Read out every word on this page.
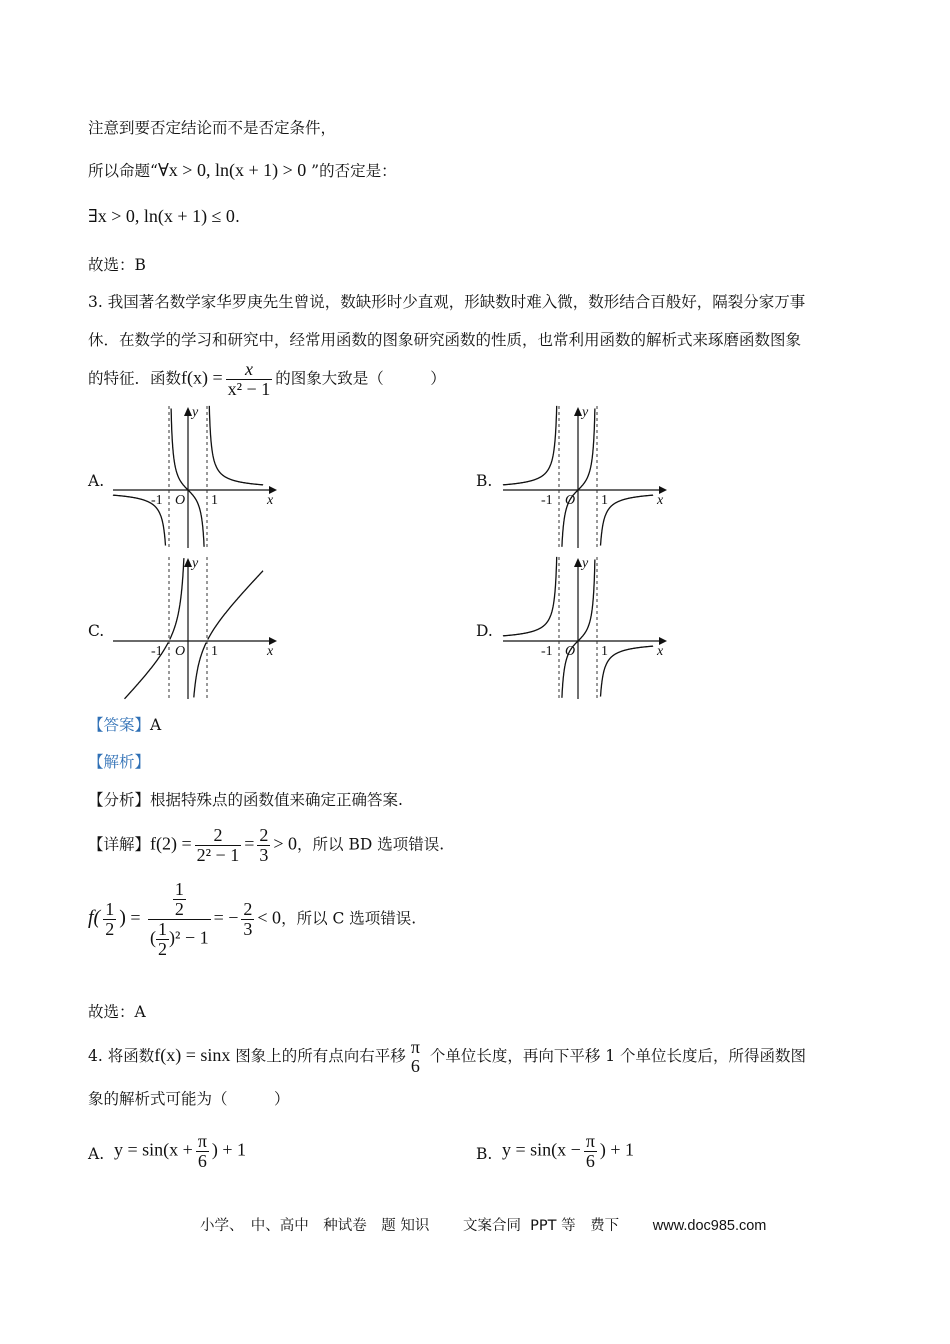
注意到要否定结论而不是否定条件，
所以命题“∀x > 0, ln(x + 1) > 0 ”的否定是：
∃x > 0, ln(x + 1) ≤ 0.
故选：B
3. 我国著名数学家华罗庚先生曾说，数缺形时少直观，形缺数时难入微，数形结合百般好，隔裂分家万事
休．在数学的学习和研究中，经常用函数的图象研究函数的性质，也常利用函数的解析式来琢磨函数图象
的特征．函数$f(x) = \frac{x}{\text{x² − 1}}$ 的图象大致是（　　　）
A.	B.
C.	D.
x
y
O
-1	1	x
y
O
-1	1
x
y
O
-1	1	x
y
O
-1	1
【答案】A
【解析】
【分析】根据特殊点的函数值来确定正确答案.
【详解】$f(2) = \frac{2}{\text{2² − 1}} = \frac{2}{3} > 0$，所以 BD 选项错误.
$f( \frac{1}{2}$ ) = $\frac{\frac{1}{2}}{( \frac{1}{2} )^2 - 1}$ = − $\frac{2}{3} < 0$，所以 C 选项错误.
故选：A
4. 将函数f(x) = sinx 图象上的所有点向右平移 π
6 个单位长度，再向下平移 1 个单位长度后，所得函数图
象的解析式可能为（　　　）
A. $y = \sin(x + \frac{\pi}{6}$ ) + 1	B. $y = \sin(x - \frac{\pi}{6}$ ) + 1
小学、　中、高中　种试卷　题 知识　　 文案合同  PPT 等　费下　　 www.doc985.com
